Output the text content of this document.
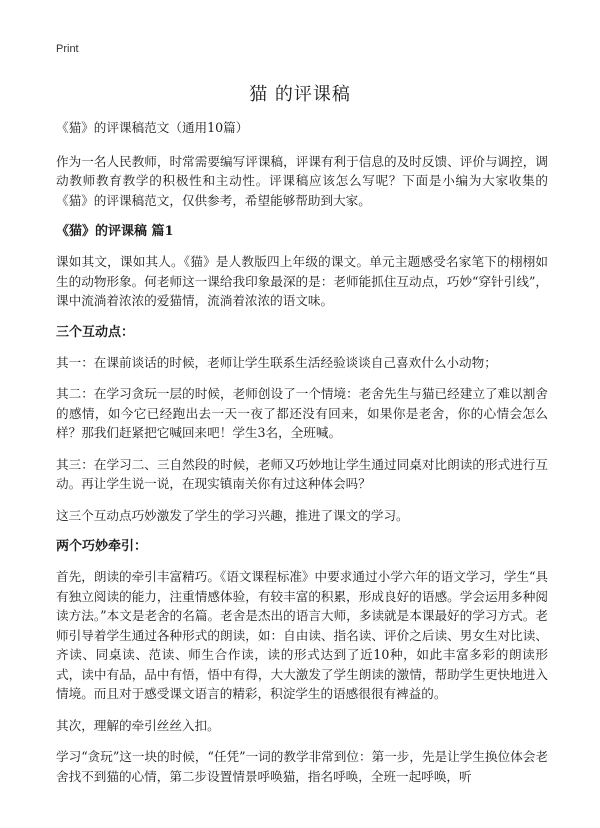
Print
猫 的评课稿

《猫》的评课稿范文（通用10篇）

作为一名人民教师，时常需要编写评课稿，评课有利于信息的及时反馈、评价与调控，调动教师教育教学的积极性和主动性。评课稿应该怎么写呢？下面是小编为大家收集的《猫》的评课稿范文，仅供参考，希望能够帮助到大家。

《猫》的评课稿 篇1

课如其文，课如其人。《猫》是人教版四上年级的课文。单元主题感受名家笔下的栩栩如生的动物形象。何老师这一课给我印象最深的是：老师能抓住互动点，巧妙“穿针引线”，课中流淌着浓浓的爱猫情，流淌着浓浓的语文味。

三个互动点：

其一：在课前谈话的时候，老师让学生联系生活经验谈谈自己喜欢什么小动物；

其二：在学习贪玩一层的时候，老师创设了一个情境：老舍先生与猫已经建立了难以割舍的感情，如今它已经跑出去一天一夜了都还没有回来，如果你是老舍，你的心情会怎么样？那我们赶紧把它喊回来吧！学生3名，全班喊。

其三：在学习二、三自然段的时候，老师又巧妙地让学生通过同桌对比朗读的形式进行互动。再让学生说一说，在现实镇南关你有过这种体会吗？

这三个互动点巧妙激发了学生的学习兴趣，推进了课文的学习。

两个巧妙牵引：

首先，朗读的牵引丰富精巧。《语文课程标准》中要求通过小学六年的语文学习，学生“具有独立阅读的能力，注重情感体验，有较丰富的积累，形成良好的语感。学会运用多种阅读方法。”本文是老舍的名篇。老舍是杰出的语言大师，多读就是本课最好的学习方式。老师引导着学生通过各种形式的朗读，如：自由读、指名读、评价之后读、男女生对比读、齐读、同桌读、范读、师生合作读，读的形式达到了近10种，如此丰富多彩的朗读形式，读中有品，品中有悟，悟中有得，大大激发了学生朗读的激情，帮助学生更快地进入情境。而且对于感受课文语言的精彩，积淀学生的语感很很有裨益的。

其次，理解的牵引丝丝入扣。

学习“贪玩”这一块的时候，“任凭”一词的教学非常到位：第一步，先是让学生换位体会老舍找不到猫的心情，第二步设置情景呼唤猫，指名呼唤，全班一起呼唤，听
